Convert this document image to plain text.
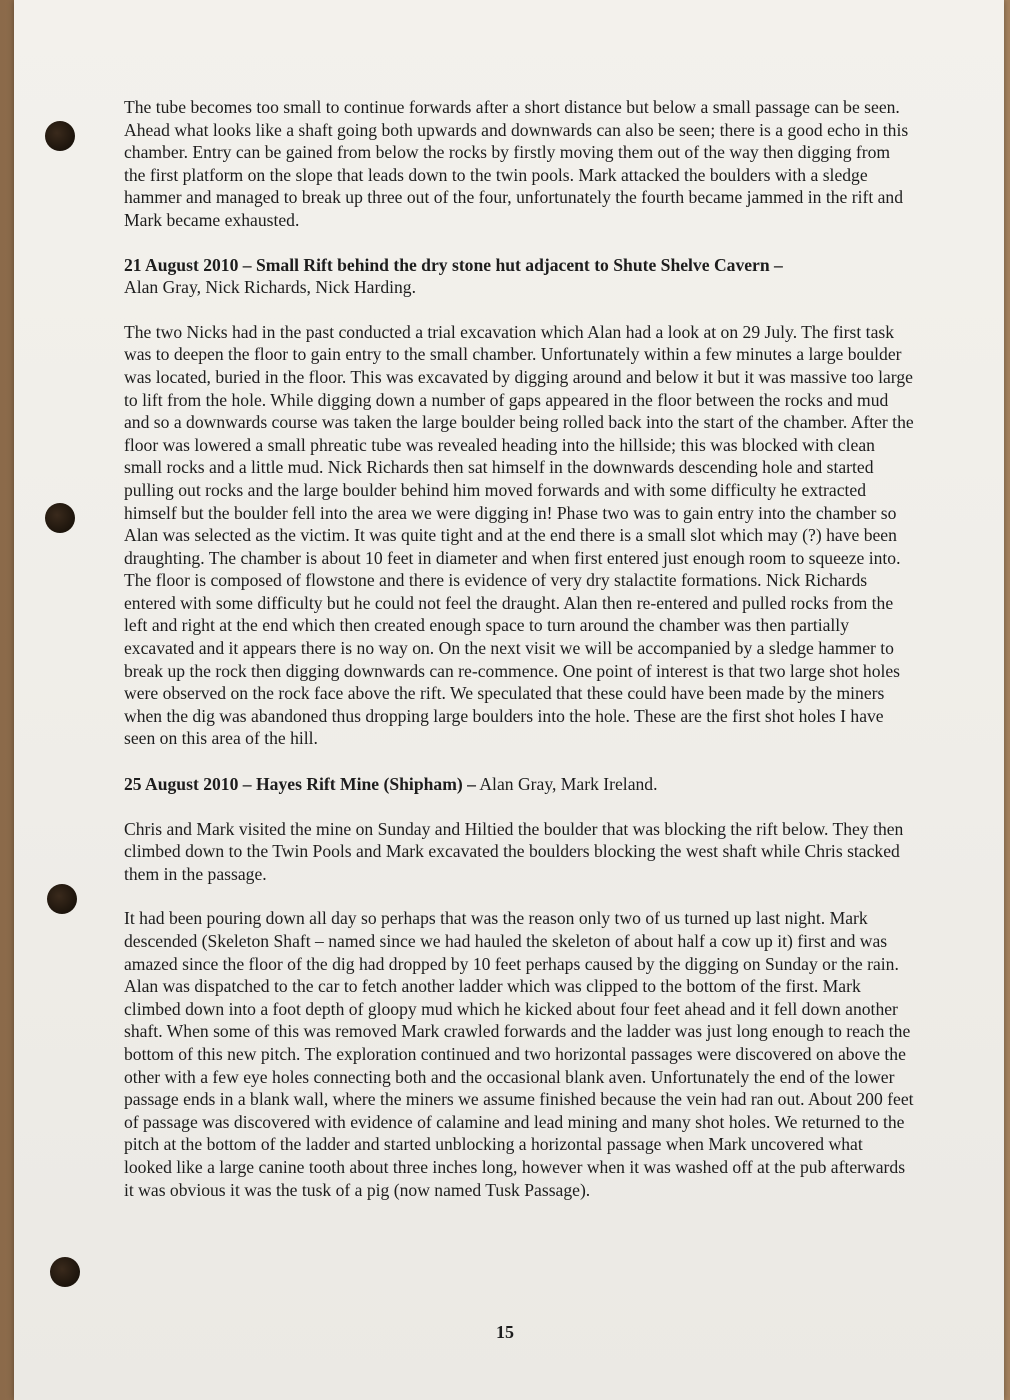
The tube becomes too small to continue forwards after a short distance but below a small passage can be seen. Ahead what looks like a shaft going both upwards and downwards can also be seen; there is a good echo in this chamber. Entry can be gained from below the rocks by firstly moving them out of the way then digging from the first platform on the slope that leads down to the twin pools. Mark attacked the boulders with a sledge hammer and managed to break up three out of the four, unfortunately the fourth became jammed in the rift and Mark became exhausted.

21 August 2010 – Small Rift behind the dry stone hut adjacent to Shute Shelve Cavern –
Alan Gray, Nick Richards, Nick Harding.

The two Nicks had in the past conducted a trial excavation which Alan had a look at on 29 July. The first task was to deepen the floor to gain entry to the small chamber. Unfortunately within a few minutes a large boulder was located, buried in the floor. This was excavated by digging around and below it but it was massive too large to lift from the hole. While digging down a number of gaps appeared in the floor between the rocks and mud and so a downwards course was taken the large boulder being rolled back into the start of the chamber. After the floor was lowered a small phreatic tube was revealed heading into the hillside; this was blocked with clean small rocks and a little mud. Nick Richards then sat himself in the downwards descending hole and started pulling out rocks and the large boulder behind him moved forwards and with some difficulty he extracted himself but the boulder fell into the area we were digging in! Phase two was to gain entry into the chamber so Alan was selected as the victim. It was quite tight and at the end there is a small slot which may (?) have been draughting. The chamber is about 10 feet in diameter and when first entered just enough room to squeeze into. The floor is composed of flowstone and there is evidence of very dry stalactite formations. Nick Richards entered with some difficulty but he could not feel the draught. Alan then re-entered and pulled rocks from the left and right at the end which then created enough space to turn around the chamber was then partially excavated and it appears there is no way on. On the next visit we will be accompanied by a sledge hammer to break up the rock then digging downwards can re-commence. One point of interest is that two large shot holes were observed on the rock face above the rift. We speculated that these could have been made by the miners when the dig was abandoned thus dropping large boulders into the hole. These are the first shot holes I have seen on this area of the hill.

25 August 2010 – Hayes Rift Mine (Shipham) – Alan Gray, Mark Ireland.

Chris and Mark visited the mine on Sunday and Hiltied the boulder that was blocking the rift below. They then climbed down to the Twin Pools and Mark excavated the boulders blocking the west shaft while Chris stacked them in the passage.

It had been pouring down all day so perhaps that was the reason only two of us turned up last night. Mark descended (Skeleton Shaft – named since we had hauled the skeleton of about half a cow up it) first and was amazed since the floor of the dig had dropped by 10 feet perhaps caused by the digging on Sunday or the rain. Alan was dispatched to the car to fetch another ladder which was clipped to the bottom of the first. Mark climbed down into a foot depth of gloopy mud which he kicked about four feet ahead and it fell down another shaft. When some of this was removed Mark crawled forwards and the ladder was just long enough to reach the bottom of this new pitch. The exploration continued and two horizontal passages were discovered on above the other with a few eye holes connecting both and the occasional blank aven. Unfortunately the end of the lower passage ends in a blank wall, where the miners we assume finished because the vein had ran out. About 200 feet of passage was discovered with evidence of calamine and lead mining and many shot holes. We returned to the pitch at the bottom of the ladder and started unblocking a horizontal passage when Mark uncovered what looked like a large canine tooth about three inches long, however when it was washed off at the pub afterwards it was obvious it was the tusk of a pig (now named Tusk Passage).

15
